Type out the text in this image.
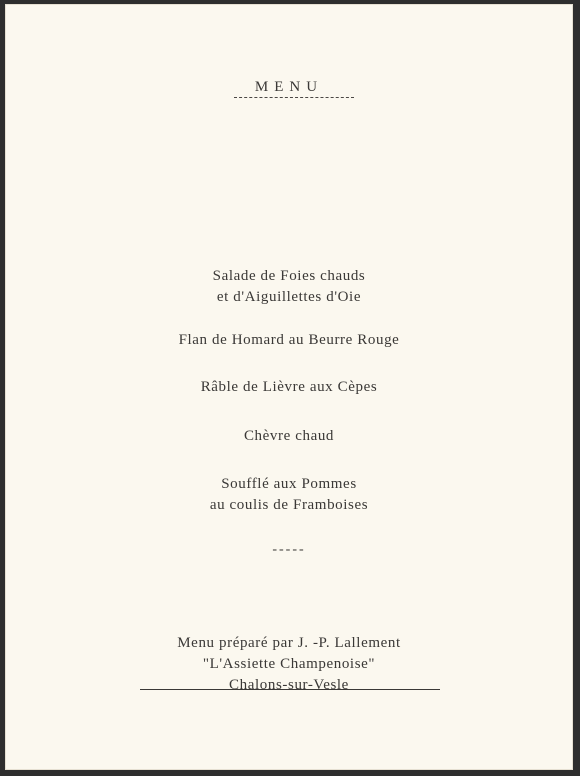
MENU
Salade de Foies chauds
et d'Aiguillettes d'Oie
Flan de Homard au Beurre Rouge
Râble de Lièvre aux Cèpes
Chèvre chaud
Soufflé aux Pommes
au coulis de Framboises
-----
Menu préparé par J. -P. Lallement
"L'Assiette Champenoise"
Chalons-sur-Vesle
